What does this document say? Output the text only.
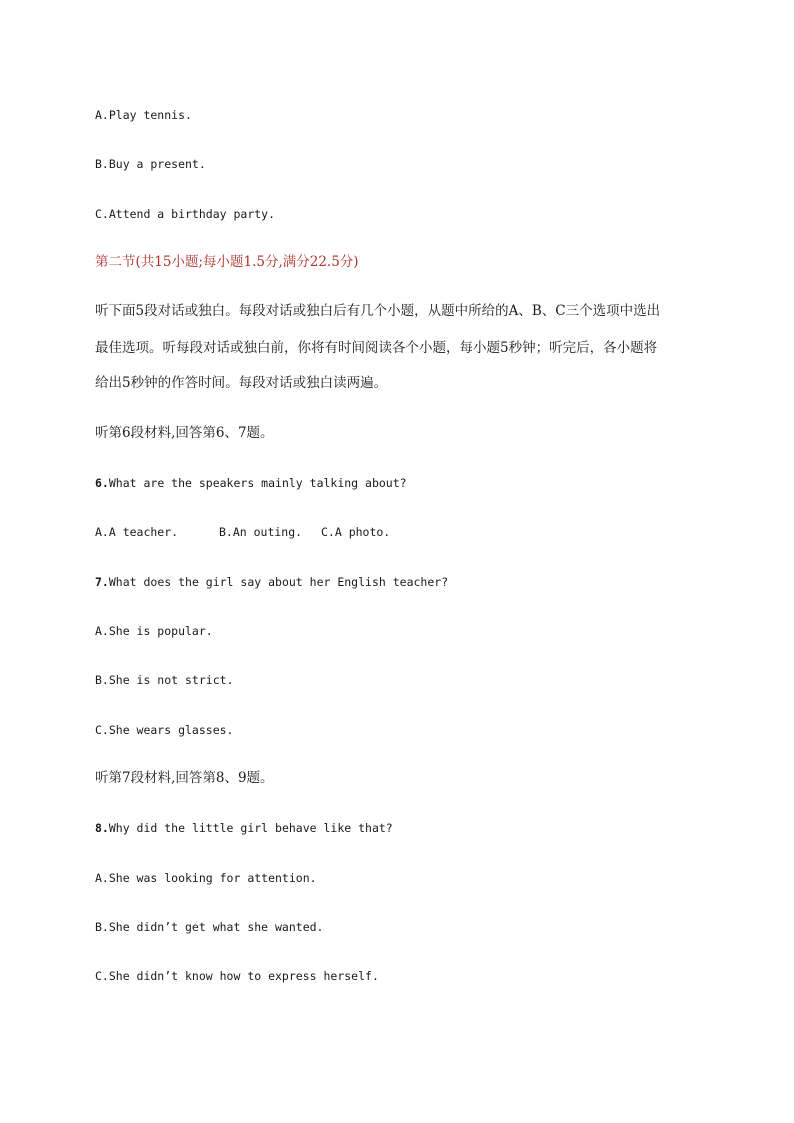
A.Play tennis.
B.Buy a present.
C.Attend a birthday party.
第二节(共15小题;每小题1.5分,满分22.5分)
听下面5段对话或独白。每段对话或独白后有几个小题，从题中所给的A、B、C三个选项中选出
最佳选项。听每段对话或独白前，你将有时间阅读各个小题，每小题5秒钟；听完后，各小题将
给出5秒钟的作答时间。每段对话或独白读两遍。
听第6段材料,回答第6、7题。
6.What are the speakers mainly talking about?
A.A teacher.	B.An outing. C.A photo.
7.What does the girl say about her English teacher?
A.She is popular.
B.She is not strict.
C.She wears glasses.
听第7段材料,回答第8、9题。
8.Why did the little girl behave like that?
A.She was looking for attention.
B.She didn’t get what she wanted.
C.She didn’t know how to express herself.
